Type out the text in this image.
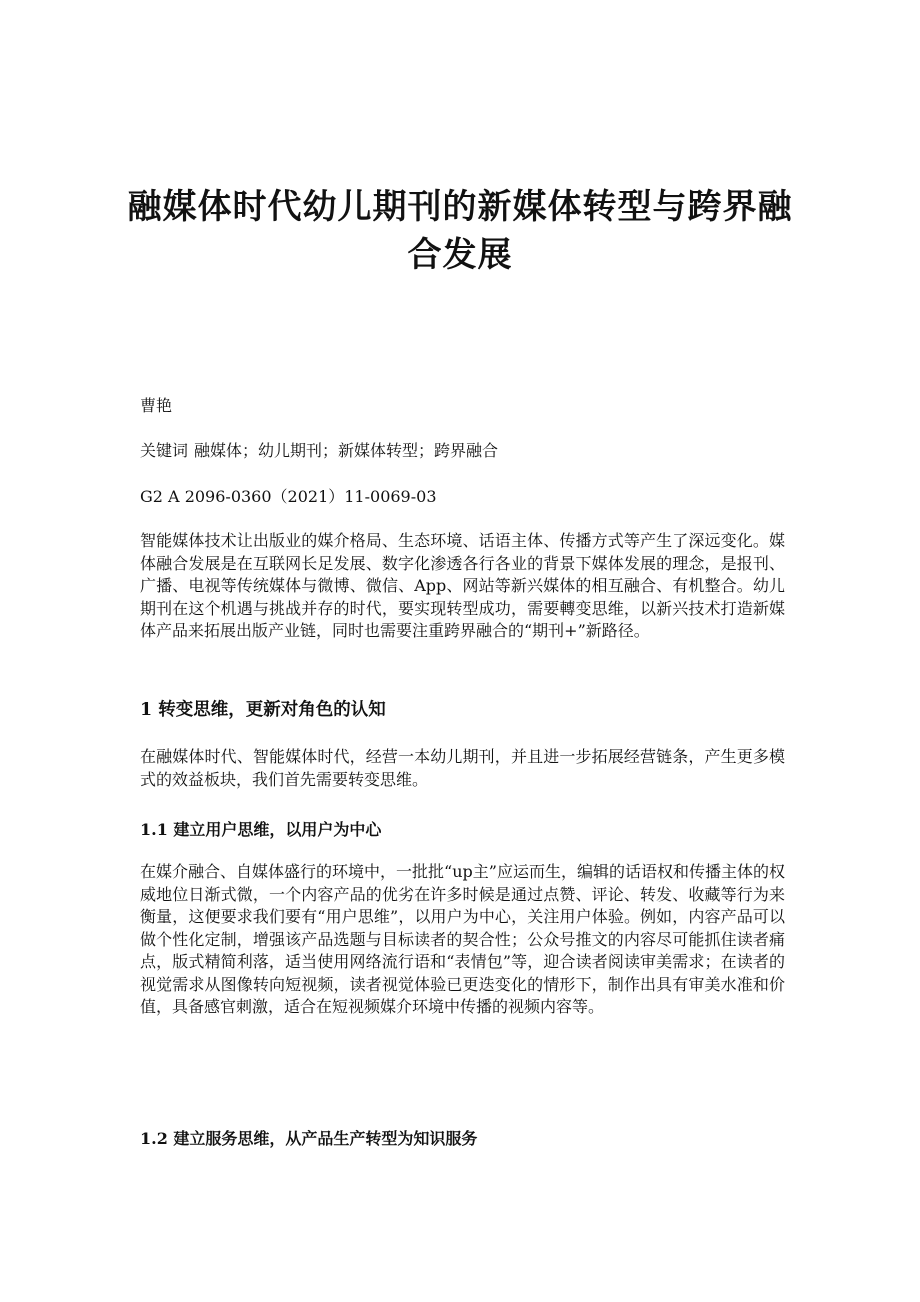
融媒体时代幼儿期刊的新媒体转型与跨界融合发展

曹艳

关键词 融媒体；幼儿期刊；新媒体转型；跨界融合

G2 A 2096-0360（2021）11-0069-03

智能媒体技术让出版业的媒介格局、生态环境、话语主体、传播方式等产生了深远变化。媒体融合发展是在互联网长足发展、数字化渗透各行各业的背景下媒体发展的理念，是报刊、广播、电视等传统媒体与微博、微信、App、网站等新兴媒体的相互融合、有机整合。幼儿期刊在这个机遇与挑战并存的时代，要实现转型成功，需要轉变思维，以新兴技术打造新媒体产品来拓展出版产业链，同时也需要注重跨界融合的“期刊+”新路径。

1 转变思维，更新对角色的认知

在融媒体时代、智能媒体时代，经营一本幼儿期刊，并且进一步拓展经营链条，产生更多模式的效益板块，我们首先需要转变思维。

1.1 建立用户思维，以用户为中心

在媒介融合、自媒体盛行的环境中，一批批“up主”应运而生，编辑的话语权和传播主体的权威地位日渐式微，一个内容产品的优劣在许多时候是通过点赞、评论、转发、收藏等行为来衡量，这便要求我们要有“用户思维”，以用户为中心，关注用户体验。例如，内容产品可以做个性化定制，增强该产品选题与目标读者的契合性；公众号推文的内容尽可能抓住读者痛点，版式精简利落，适当使用网络流行语和“表情包”等，迎合读者阅读审美需求；在读者的视觉需求从图像转向短视频，读者视觉体验已更迭变化的情形下，制作出具有审美水准和价值，具备感官刺激，适合在短视频媒介环境中传播的视频内容等。

1.2 建立服务思维，从产品生产转型为知识服务
